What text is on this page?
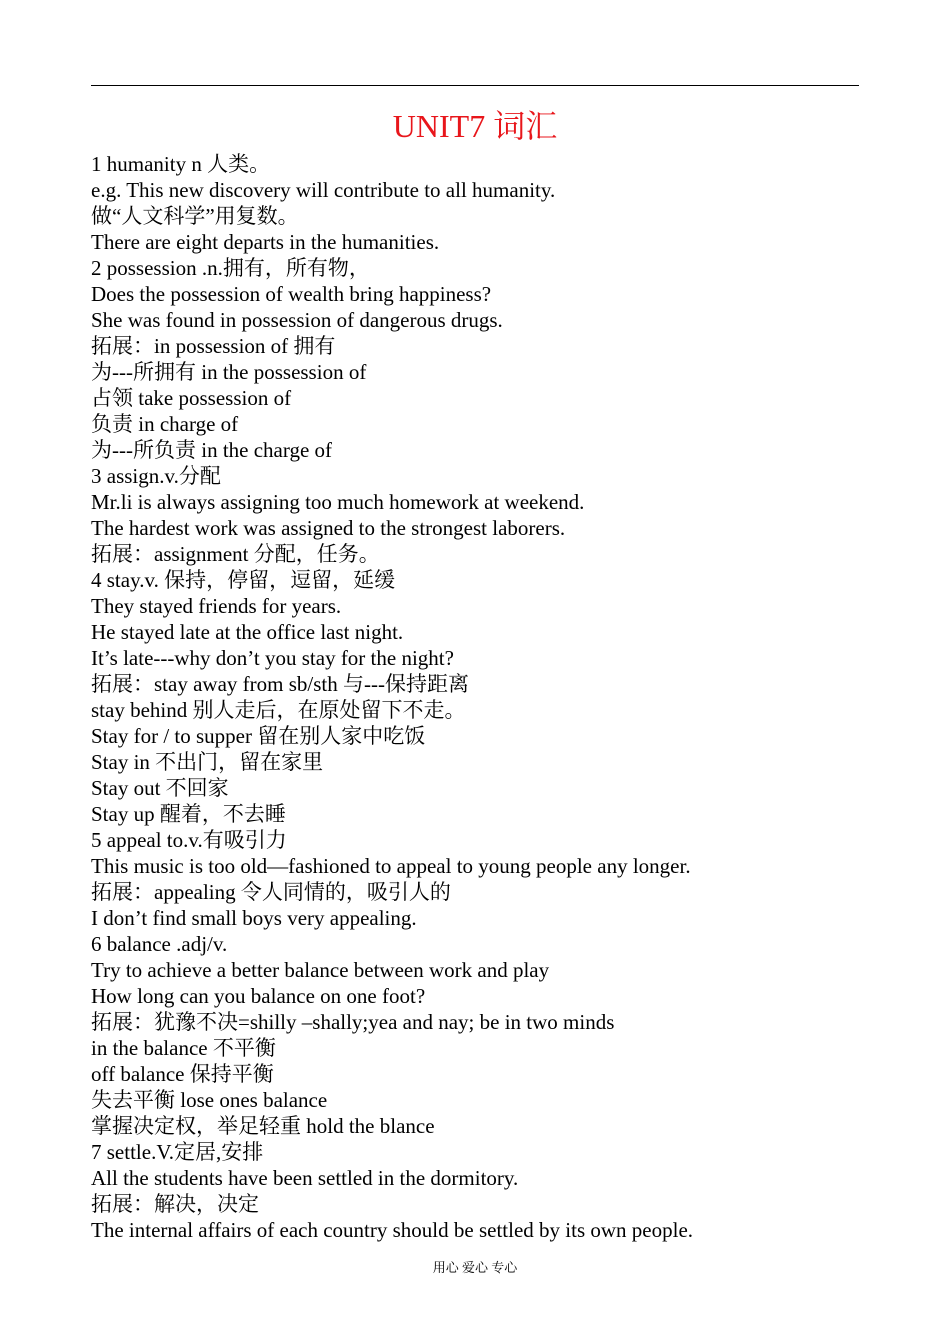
UNIT7 词汇
1 humanity n 人类。
e.g. This new discovery will contribute to all humanity.
做“人文科学”用复数。
There are eight departs in the humanities.
2 possession .n.拥有，所有物，
Does the possession of wealth bring happiness?
She was found in possession of dangerous drugs.
拓展：in possession of 拥有
为---所拥有 in the possession of
占领 take possession of
负责 in charge of
为---所负责 in the charge of
3 assign.v.分配
Mr.li is always assigning too much homework at weekend.
The hardest work was assigned to the strongest laborers.
拓展：assignment 分配，任务。
4 stay.v. 保持，停留，逗留，延缓
They stayed friends for years.
He stayed late at the office last night.
It’s late---why don’t you stay for the night?
拓展：stay away from sb/sth 与---保持距离
stay behind 别人走后，在原处留下不走。
Stay for / to supper 留在别人家中吃饭
Stay in 不出门，留在家里
Stay out 不回家
Stay up 醒着，不去睡
5 appeal to.v.有吸引力
This music is too old—fashioned to appeal to young people any longer.
拓展：appealing 令人同情的，吸引人的
I don’t find small boys very appealing.
6 balance .adj/v.
Try to achieve a better balance between work and play
How long can you balance on one foot?
拓展：犹豫不决=shilly –shally;yea and nay; be in two minds
in the balance 不平衡
off balance 保持平衡
失去平衡 lose ones balance
掌握决定权，举足轻重 hold the blance
7 settle.V.定居,安排
All the students have been settled in the dormitory.
拓展：解决，决定
The internal affairs of each country should be settled by its own people.
用心 爱心 专心
